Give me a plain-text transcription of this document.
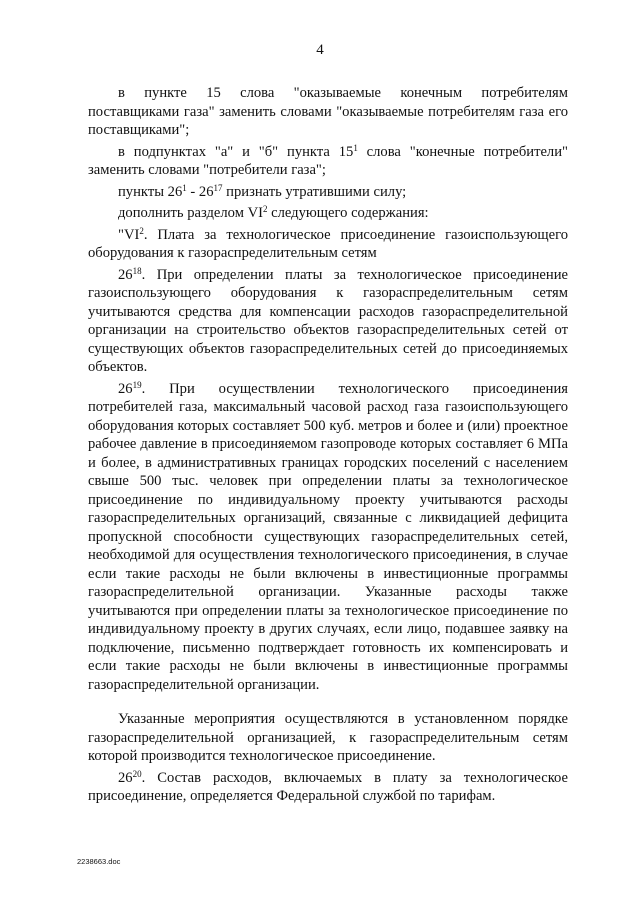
4

в пункте 15 слова "оказываемые конечным потребителям поставщиками газа" заменить словами "оказываемые потребителям газа его поставщиками";

в подпунктах "а" и "б" пункта $15^1$ слова "конечные потребители" заменить словами "потребители газа";

пункты $26^1 - 26^{17}$ признать утратившими силу;

дополнить разделом $VI^2$ следующего содержания:

"$VI^2$. Плата за технологическое присоединение газоиспользующего оборудования к газораспределительным сетям

$26^{18}$. При определении платы за технологическое присоединение газоиспользующего оборудования к газораспределительным сетям учитываются средства для компенсации расходов газораспределительной организации на строительство объектов газораспределительных сетей от существующих объектов газораспределительных сетей до присоединяемых объектов.

$26^{19}$. При осуществлении технологического присоединения потребителей газа, максимальный часовой расход газа газоиспользующего оборудования которых составляет 500 куб. метров и более и (или) проектное рабочее давление в присоединяемом газопроводе которых составляет 6 МПа и более, в административных границах городских поселений с населением свыше 500 тыс. человек при определении платы за технологическое присоединение по индивидуальному проекту учитываются расходы газораспределительных организаций, связанные с ликвидацией дефицита пропускной способности существующих газораспределительных сетей, необходимой для осуществления технологического присоединения, в случае если такие расходы не были включены в инвестиционные программы газораспределительной организации. Указанные расходы также учитываются при определении платы за технологическое присоединение по индивидуальному проекту в других случаях, если лицо, подавшее заявку на подключение, письменно подтверждает готовность их компенсировать и если такие расходы не были включены в инвестиционные программы газораспределительной организации.

Указанные мероприятия осуществляются в установленном порядке газораспределительной организацией, к газораспределительным сетям которой производится технологическое присоединение.

$26^{20}$. Состав расходов, включаемых в плату за технологическое присоединение, определяется Федеральной службой по тарифам.

2238663.doc
